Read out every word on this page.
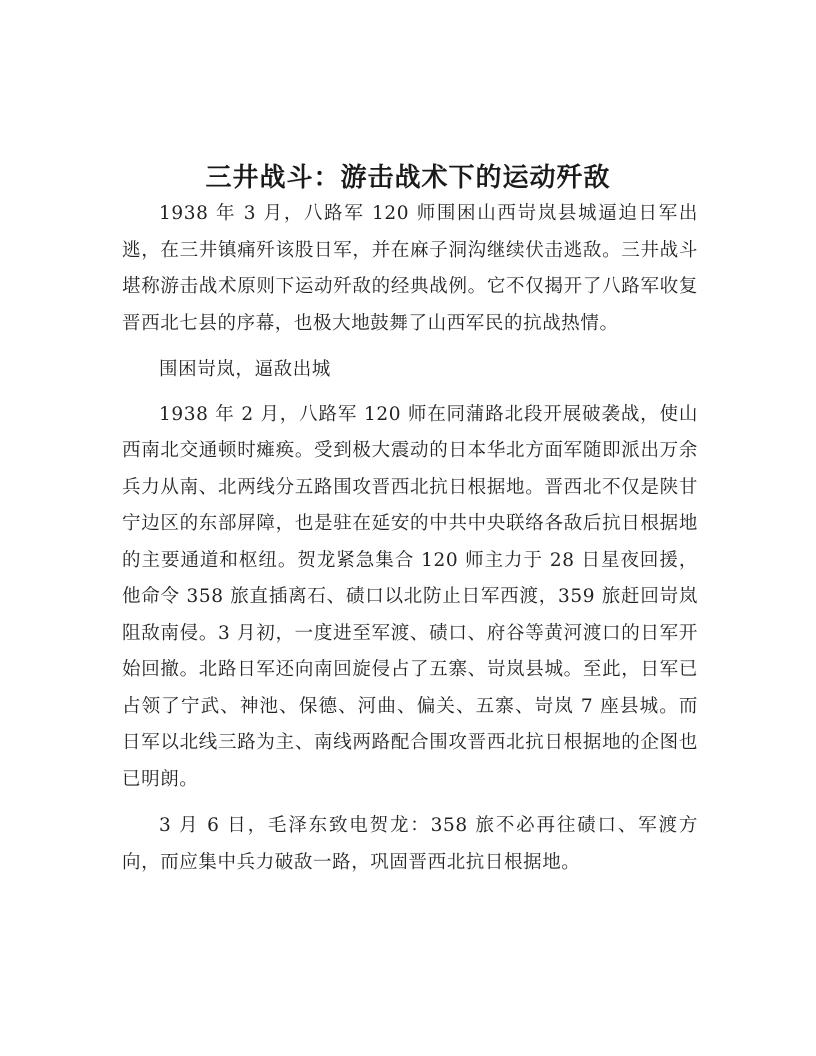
三井战斗：游击战术下的运动歼敌

1938 年 3 月，八路军 120 师围困山西岢岚县城逼迫日军出逃，在三井镇痛歼该股日军，并在麻子洞沟继续伏击逃敌。三井战斗堪称游击战术原则下运动歼敌的经典战例。它不仅揭开了八路军收复晋西北七县的序幕，也极大地鼓舞了山西军民的抗战热情。

围困岢岚，逼敌出城

1938 年 2 月，八路军 120 师在同蒲路北段开展破袭战，使山西南北交通顿时瘫痪。受到极大震动的日本华北方面军随即派出万余兵力从南、北两线分五路围攻晋西北抗日根据地。晋西北不仅是陕甘宁边区的东部屏障，也是驻在延安的中共中央联络各敌后抗日根据地的主要通道和枢纽。贺龙紧急集合 120 师主力于 28 日星夜回援，他命令 358 旅直插离石、碛口以北防止日军西渡，359 旅赶回岢岚阻敌南侵。3 月初，一度进至军渡、碛口、府谷等黄河渡口的日军开始回撤。北路日军还向南回旋侵占了五寨、岢岚县城。至此，日军已占领了宁武、神池、保德、河曲、偏关、五寨、岢岚 7 座县城。而日军以北线三路为主、南线两路配合围攻晋西北抗日根据地的企图也已明朗。

3 月 6 日，毛泽东致电贺龙：358 旅不必再往碛口、军渡方向，而应集中兵力破敌一路，巩固晋西北抗日根据地。
